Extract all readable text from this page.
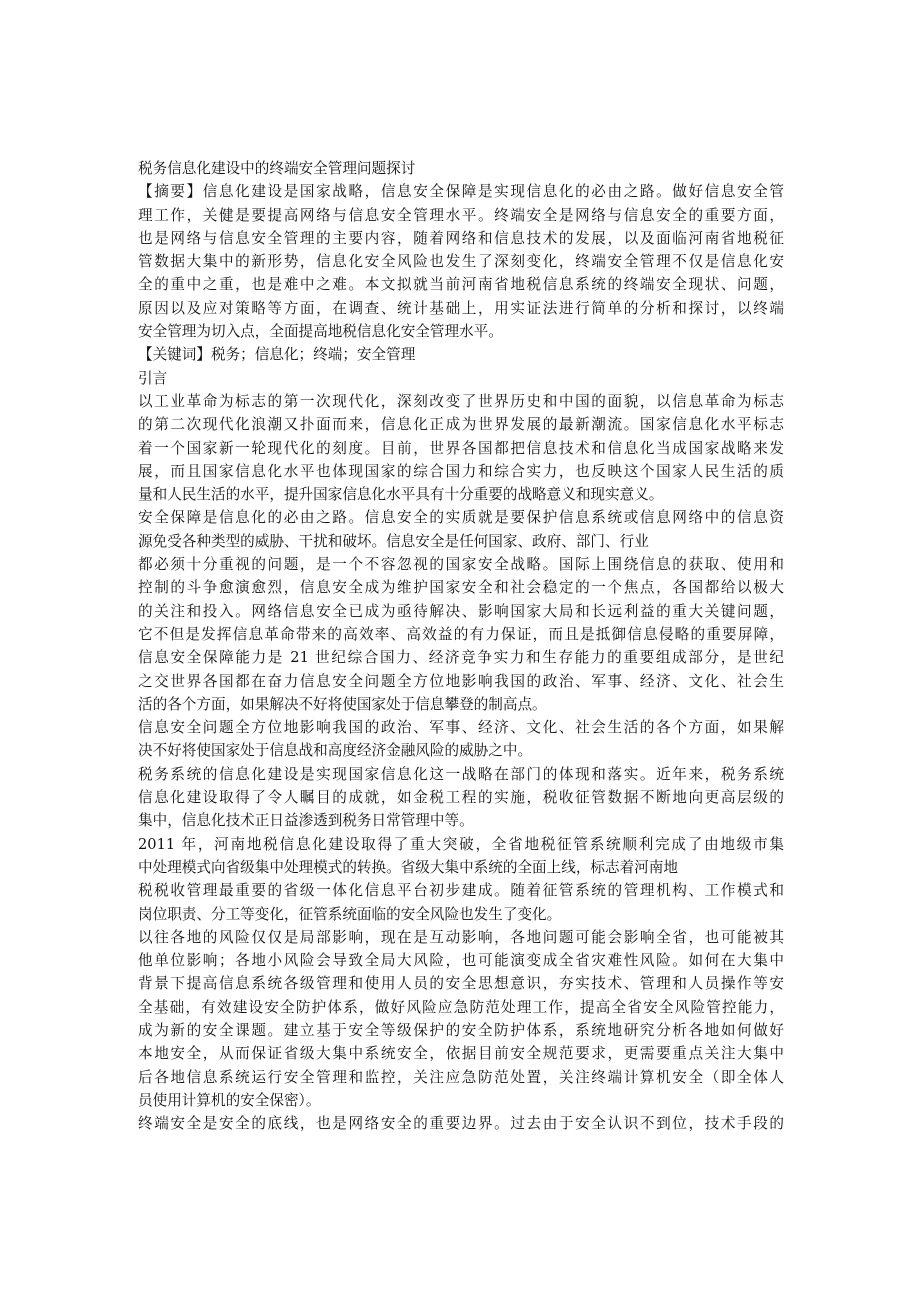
税务信息化建设中的终端安全管理问题探讨
【摘要】信息化建设是国家战略，信息安全保障是实现信息化的必由之路。做好信息安全管
理工作，关健是要提高网络与信息安全管理水平。终端安全是网络与信息安全的重要方面，
也是网络与信息安全管理的主要内容，随着网络和信息技术的发展，以及面临河南省地税征
管数据大集中的新形势，信息化安全风险也发生了深刻变化，终端安全管理不仅是信息化安
全的重中之重，也是难中之难。本文拟就当前河南省地税信息系统的终端安全现状、问题，
原因以及应对策略等方面，在调查、统计基础上，用实证法进行简单的分析和探讨，以终端
安全管理为切入点，全面提高地税信息化安全管理水平。
【关键词】税务；信息化；终端；安全管理
引言
以工业革命为标志的第一次现代化，深刻改变了世界历史和中国的面貌，以信息革命为标志
的第二次现代化浪潮又扑面而来，信息化正成为世界发展的最新潮流。国家信息化水平标志
着一个国家新一轮现代化的刻度。目前，世界各国都把信息技术和信息化当成国家战略来发
展，而且国家信息化水平也体现国家的综合国力和综合实力，也反映这个国家人民生活的质
量和人民生活的水平，提升国家信息化水平具有十分重要的战略意义和现实意义。
安全保障是信息化的必由之路。信息安全的实质就是要保护信息系统或信息网络中的信息资
源免受各种类型的威胁、干扰和破坏。信息安全是任何国家、政府、部门、行业
都必须十分重视的问题，是一个不容忽视的国家安全战略。国际上围绕信息的获取、使用和
控制的斗争愈演愈烈，信息安全成为维护国家安全和社会稳定的一个焦点，各国都给以极大
的关注和投入。网络信息安全已成为亟待解决、影响国家大局和长远利益的重大关键问题，
它不但是发挥信息革命带来的高效率、高效益的有力保证，而且是抵御信息侵略的重要屏障，
信息安全保障能力是 21 世纪综合国力、经济竞争实力和生存能力的重要组成部分，是世纪
之交世界各国都在奋力信息安全问题全方位地影响我国的政治、军事、经济、文化、社会生
活的各个方面，如果解决不好将使国家处于信息攀登的制高点。
信息安全问题全方位地影响我国的政治、军事、经济、文化、社会生活的各个方面，如果解
决不好将使国家处于信息战和高度经济金融风险的威胁之中。
税务系统的信息化建设是实现国家信息化这一战略在部门的体现和落实。近年来，税务系统
信息化建设取得了令人瞩目的成就，如金税工程的实施，税收征管数据不断地向更高层级的
集中，信息化技术正日益渗透到税务日常管理中等。
2011 年，河南地税信息化建设取得了重大突破，全省地税征管系统顺利完成了由地级市集
中处理模式向省级集中处理模式的转换。省级大集中系统的全面上线，标志着河南地
税税收管理最重要的省级一体化信息平台初步建成。随着征管系统的管理机构、工作模式和
岗位职责、分工等变化，征管系统面临的安全风险也发生了变化。
以往各地的风险仅仅是局部影响，现在是互动影响，各地问题可能会影响全省，也可能被其
他单位影响；各地小风险会导致全局大风险，也可能演变成全省灾难性风险。如何在大集中
背景下提高信息系统各级管理和使用人员的安全思想意识，夯实技术、管理和人员操作等安
全基础，有效建设安全防护体系，做好风险应急防范处理工作，提高全省安全风险管控能力，
成为新的安全课题。建立基于安全等级保护的安全防护体系，系统地研究分析各地如何做好
本地安全，从而保证省级大集中系统安全，依据目前安全规范要求，更需要重点关注大集中
后各地信息系统运行安全管理和监控，关注应急防范处置，关注终端计算机安全（即全体人
员使用计算机的安全保密）。
终端安全是安全的底线，也是网络安全的重要边界。过去由于安全认识不到位，技术手段的
